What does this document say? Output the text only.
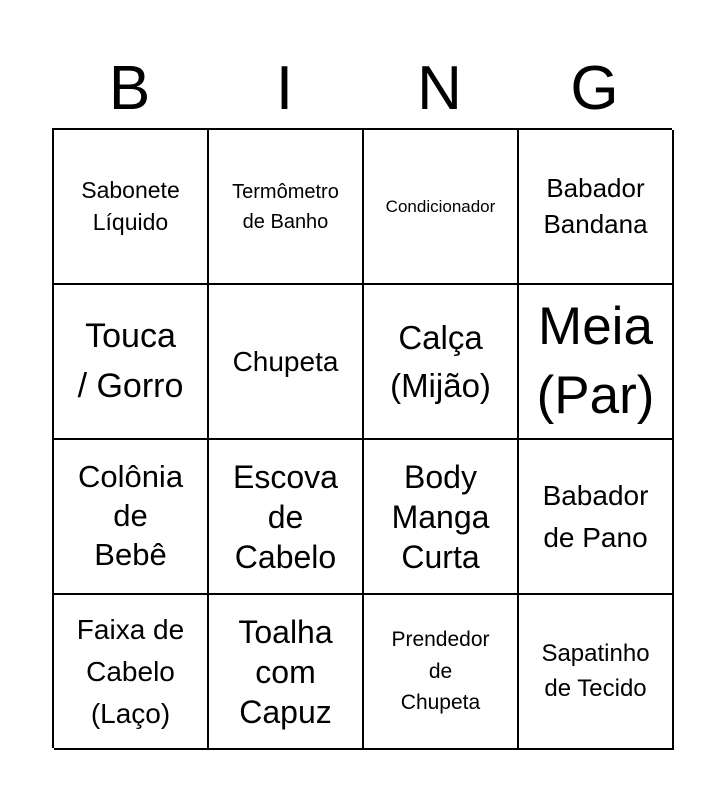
B	I	N	G
Sabonete
Líquido
Termômetro
de Banho
Condicionador
Babador
Bandana
Touca
/ Gorro
Chupeta
Calça
(Mijão)
Meia
(Par)
Colônia
de
Bebê
Escova
de
Cabelo
Body
Manga
Curta
Babador
de Pano
Faixa de
Cabelo
(Laço)
Toalha
com
Capuz
Prendedor
de
Chupeta
Sapatinho
de Tecido
